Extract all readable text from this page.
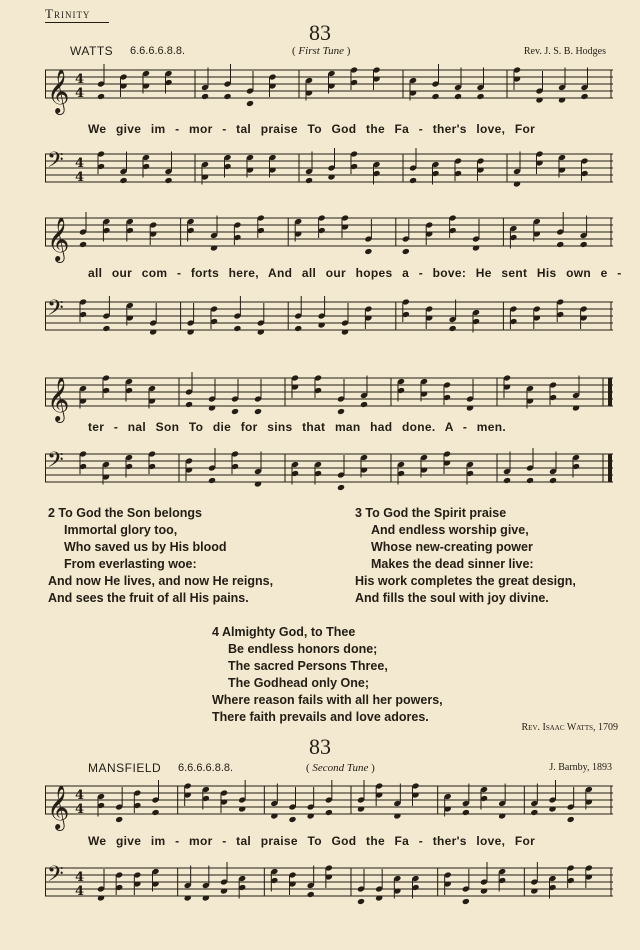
Trinity
83
WATTS 6.6.6.6.8.8.	( First Tune )	Rev. J. S. B. Hodges
𝄞 4
4
We give im - mor - tal praise To God the Fa - ther's love, For
𝄢 4
4
𝄞
all our com - forts here, And all our hopes a - bove: He sent His own e -
𝄢
𝄞
ter - nal Son To die for sins that man had done. A - men.
𝄢
2 To God the Son belongs
Immortal glory too,
Who saved us by His blood
From everlasting woe:
And now He lives, and now He reigns,
And sees the fruit of all His pains.
3 To God the Spirit praise
And endless worship give,
Whose new-creating power
Makes the dead sinner live:
His work completes the great design,
And fills the soul with joy divine.
4 Almighty God, to Thee
Be endless honors done;
The sacred Persons Three,
The Godhead only One;
Where reason fails with all her powers,
There faith prevails and love adores.
Rev. Isaac Watts, 1709
83
MANSFIELD 6.6.6.6.8.8.	( Second Tune )	J. Barnby, 1893
𝄞 4
4
We give im - mor - tal praise To God the Fa - ther's love, For
𝄢 4
4
